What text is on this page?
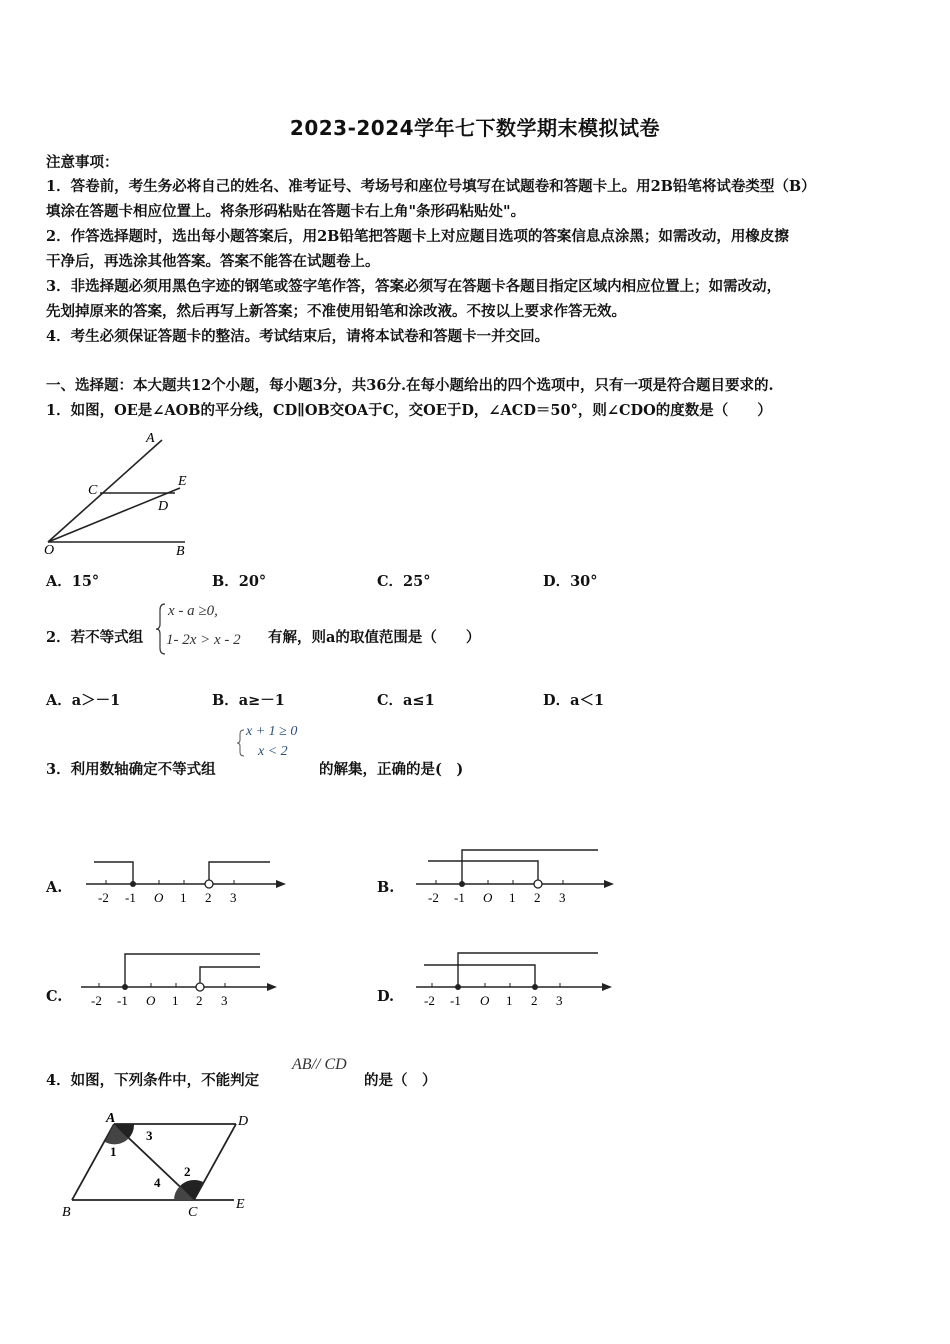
2023-2024学年七下数学期末模拟试卷
注意事项：
1．答卷前，考生务必将自己的姓名、准考证号、考场号和座位号填写在试题卷和答题卡上。用2B铅笔将试卷类型（B）
填涂在答题卡相应位置上。将条形码粘贴在答题卡右上角"条形码粘贴处"。
2．作答选择题时，选出每小题答案后，用2B铅笔把答题卡上对应题目选项的答案信息点涂黑；如需改动，用橡皮擦
干净后，再选涂其他答案。答案不能答在试题卷上。
3．非选择题必须用黑色字迹的钢笔或签字笔作答，答案必须写在答题卡各题目指定区域内相应位置上；如需改动，
先划掉原来的答案，然后再写上新答案；不准使用铅笔和涂改液。不按以上要求作答无效。
4．考生必须保证答题卡的整洁。考试结束后，请将本试卷和答题卡一并交回。
一、选择题：本大题共12个小题，每小题3分，共36分.在每小题给出的四个选项中，只有一项是符合题目要求的.
1．如图，OE是∠AOB的平分线，CD∥OB交OA于C，交OE于D，∠ACD＝50°，则∠CDO的度数是（　　）
A
C
E
D
O	B
A．15°	B．20°	C．25°	D．30°
2．若不等式组
x - a ≥0,
1- 2x > x - 2 有解，则a的取值范围是（　　）
A．a＞－1	B．a≥－1	C．a≤1	D．a＜1
3．利用数轴确定不等式组
x + 1 ≥ 0
x < 2
的解集，正确的是(　)
A.
-2 -1 O 1 2 3
B.
-2 -1 O 1 2 3
C. -2 -1 O 1 2 3	D. -2 -1 O 1 2 3
4．如图，下列条件中，不能判定
AB// CD
的是（　）
A	D
B	C
E
1
2
3
4
